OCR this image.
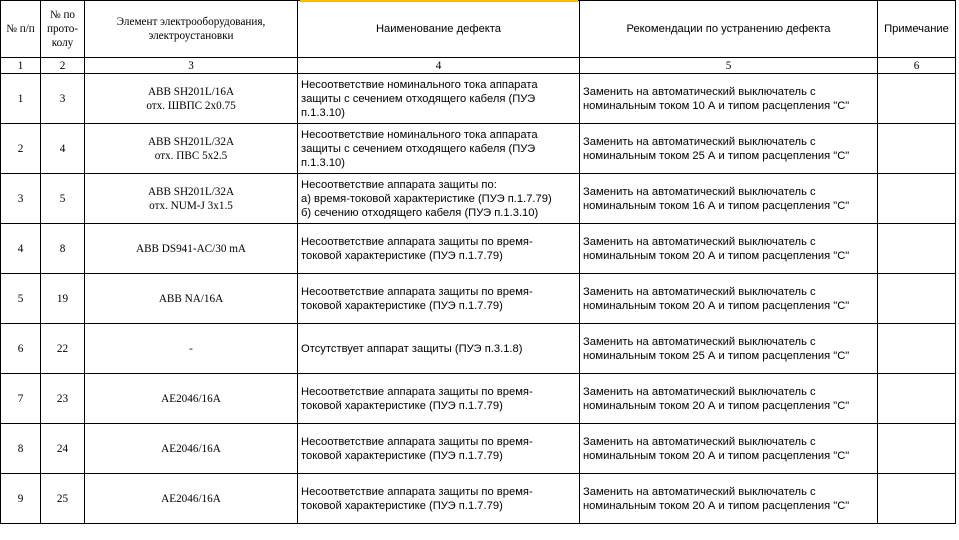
№ п/п	№ по
прото-
колу	Элемент электрооборудования,
электроустановки	Наименование дефекта	Рекомендации по устранению дефекта	Примечание
1	2	3	4	5	6
1	3	ABB SH201L/16A
отх. ШВПС 2х0.75	Несоответствие номинального тока аппарата
защиты с сечением отходящего кабеля (ПУЭ
п.1.3.10)	Заменить на автоматический выключатель с
номинальным током 10 А и типом расцепления "С"	

2	4	ABB SH201L/32A
отх. ПВС 5х2.5	Несоответствие номинального тока аппарата
защиты с сечением отходящего кабеля (ПУЭ
п.1.3.10)	Заменить на автоматический выключатель с
номинальным током 25 А и типом расцепления "С"	

3	5	ABB SH201L/32A
отх. NUM-J 3х1.5	Несоответствие аппарата защиты по:
а) время-токовой характеристике (ПУЭ п.1.7.79)
б) сечению отходящего кабеля (ПУЭ п.1.3.10)	Заменить на автоматический выключатель с
номинальным током 16 А и типом расцепления "С"	

4	8	ABB DS941-AC/30 mA	Несоответствие аппарата защиты по время-
токовой характеристике (ПУЭ п.1.7.79)	Заменить на автоматический выключатель с
номинальным током 20 А и типом расцепления "С"	

5	19	ABB NA/16A	Несоответствие аппарата защиты по время-
токовой характеристике (ПУЭ п.1.7.79)	Заменить на автоматический выключатель с
номинальным током 20 А и типом расцепления "С"	

6	22	-	Отсутствует аппарат защиты (ПУЭ п.3.1.8)	Заменить на автоматический выключатель с
номинальным током 25 А и типом расцепления "С"	

7	23	AE2046/16A	Несоответствие аппарата защиты по время-
токовой характеристике (ПУЭ п.1.7.79)	Заменить на автоматический выключатель с
номинальным током 20 А и типом расцепления "С"	

8	24	AE2046/16A	Несоответствие аппарата защиты по время-
токовой характеристике (ПУЭ п.1.7.79)	Заменить на автоматический выключатель с
номинальным током 20 А и типом расцепления "С"	

9	25	AE2046/16A	Несоответствие аппарата защиты по время-
токовой характеристике (ПУЭ п.1.7.79)	Заменить на автоматический выключатель с
номинальным током 20 А и типом расцепления "С"	
